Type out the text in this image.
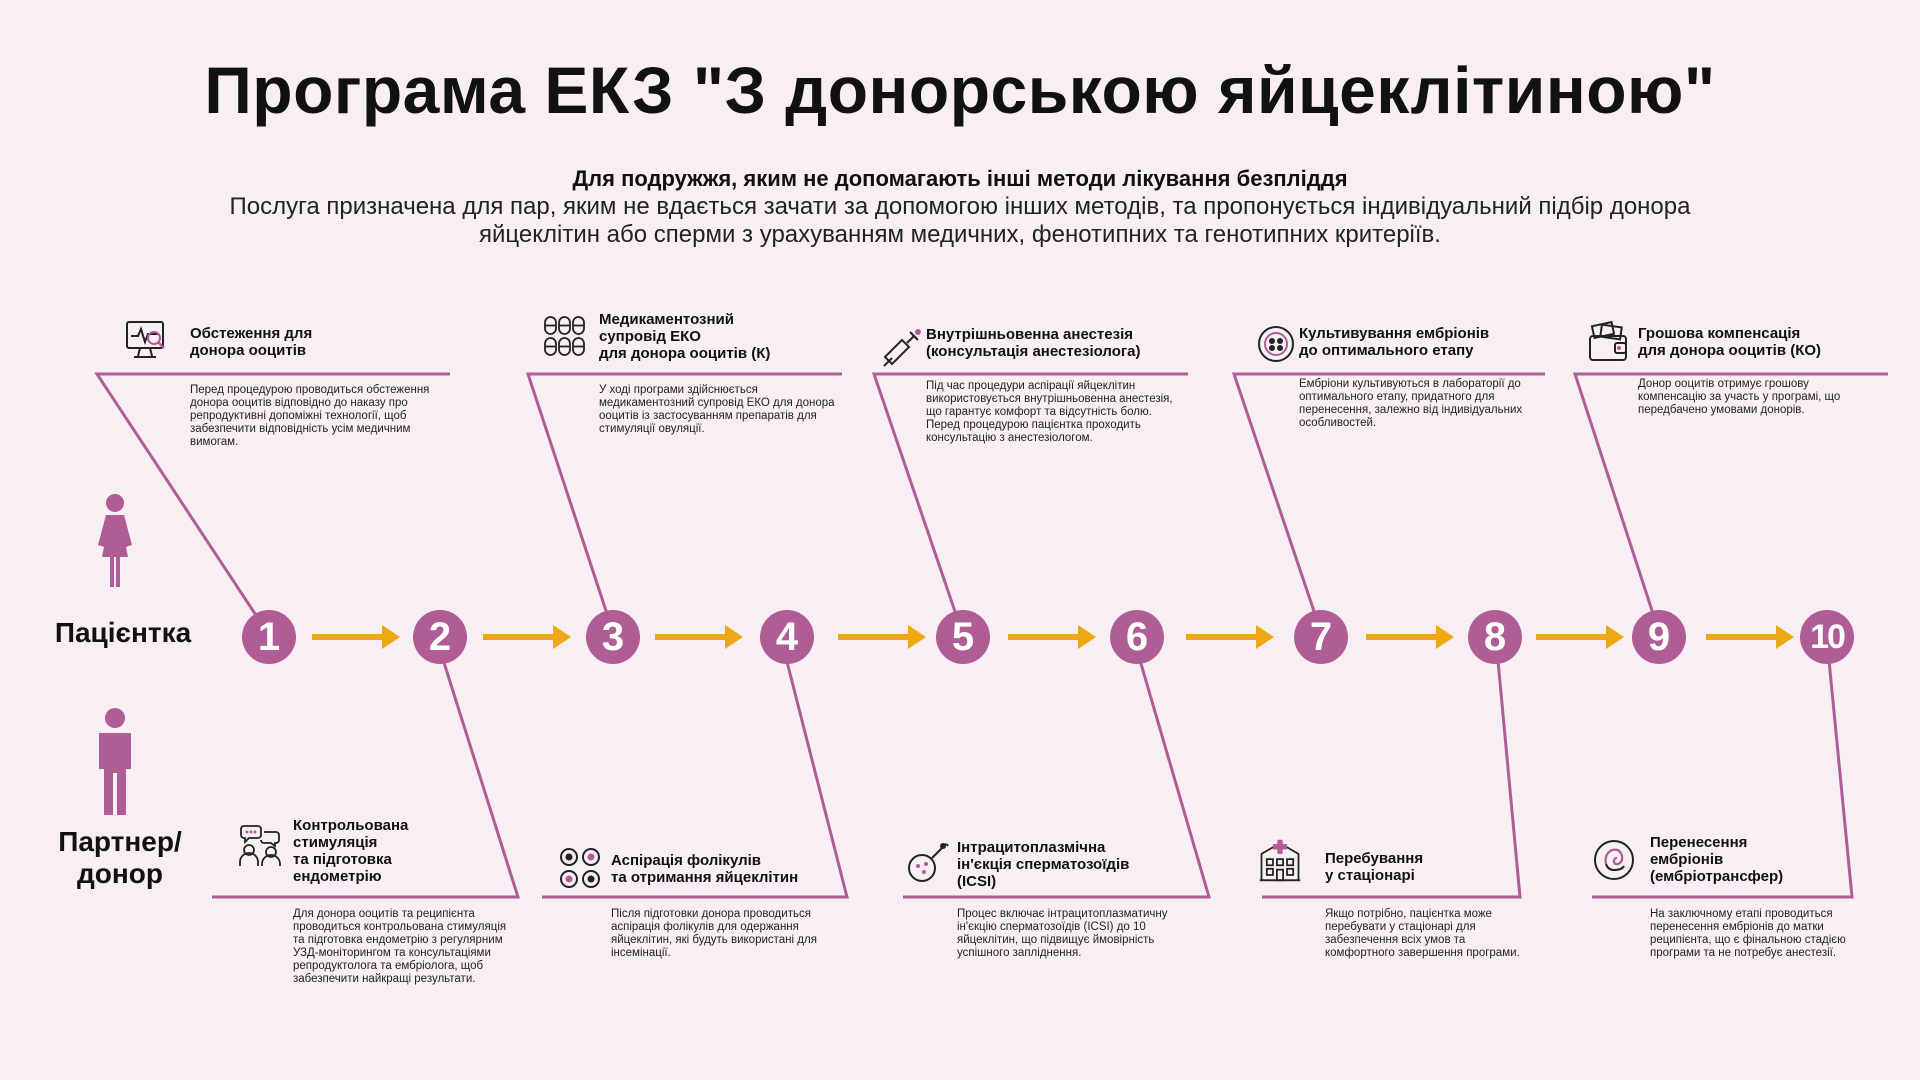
Програма ЕКЗ "З донорською яйцеклітиною"
Для подружжя, яким не допомагають інші методи лікування безпліддя
Послуга призначена для пар, яким не вдається зачати за допомогою інших методів, та пропонується індивідуальний підбір донора яйцеклітин або сперми з урахуванням медичних, фенотипних та генотипних критеріїв.
Пацієнтка
Партнер/
донор
1	2	3	4	5	6	7	8	9	10
Обстеження для
донора ооцитів
Перед процедурою проводиться обстеження донора ооцитів відповідно до наказу про репродуктивні допоміжні технології, щоб забезпечити відповідність усім медичним вимогам.
Медикаментозний
супровід ЕКО
для донора ооцитів (К)
У ході програми здійснюється медикаментозний супровід ЕКО для донора ооцитів із застосуванням препаратів для стимуляції овуляції.
Внутрішньовенна анестезія
(консультація анестезіолога)
Під час процедури аспірації яйцеклітин використовується внутрішньовенна анестезія, що гарантує комфорт та відсутність болю. Перед процедурою пацієнтка проходить консультацію з анестезіологом.
Культивування ембріонів
до оптимального етапу
Ембріони культивуються в лабораторії до оптимального етапу, придатного для перенесення, залежно від індивідуальних особливостей.
Грошова компенсація
для донора ооцитів (КО)
Донор ооцитів отримує грошову компенсацію за участь у програмі, що передбачено умовами донорів.
Контрольована
стимуляція
та підготовка
ендометрію
Для донора ооцитів та реципієнта проводиться контрольована стимуляція та підготовка ендометрію з регулярним УЗД-моніторингом та консультаціями репродуктолога та ембріолога, щоб забезпечити найкращі результати.
Аспірація фолікулів
та отримання яйцеклітин
Після підготовки донора проводиться аспірація фолікулів для одержання яйцеклітин, які будуть використані для інсемінації.
Інтрацитоплазмічна
ін'єкція сперматозоїдів
(ICSI)
Процес включає інтрацитоплазматичну ін'єкцію сперматозоїдів (ICSI) до 10 яйцеклітин, що підвищує ймовірність успішного запліднення.
Перебування
у стаціонарі
Якщо потрібно, пацієнтка може перебувати у стаціонарі для забезпечення всіх умов та комфортного завершення програми.
Перенесення
ембріонів
(ембріотрансфер)
На заключному етапі проводиться перенесення ембріонів до матки реципієнта, що є фінальною стадією програми та не потребує анестезії.
